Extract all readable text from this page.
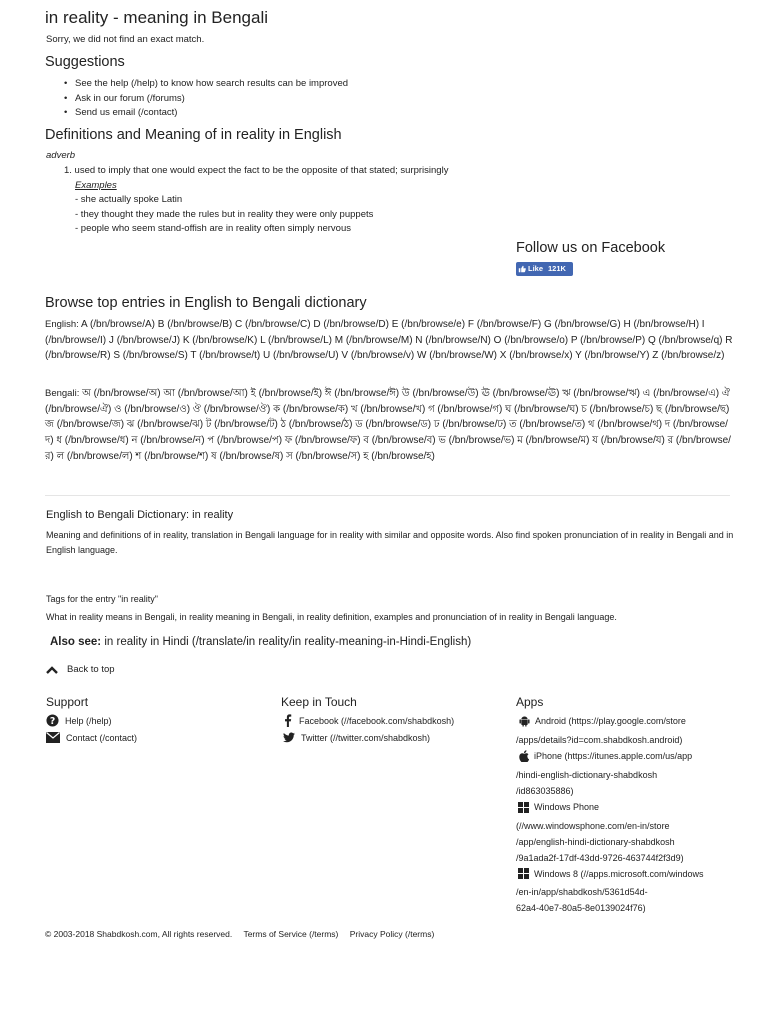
in reality - meaning in Bengali
Sorry, we did not find an exact match.
Suggestions
• See the help (/help) to know how search results can be improved
• Ask in our forum (/forums)
• Send us email (/contact)
Definitions and Meaning of in reality in English
adverb
1. used to imply that one would expect the fact to be the opposite of that stated; surprisingly
Examples
- she actually spoke Latin
- they thought they made the rules but in reality they were only puppets
- people who seem stand-offish are in reality often simply nervous
Follow us on Facebook
Like 121K
Browse top entries in English to Bengali dictionary
English: A (/bn/browse/A) B (/bn/browse/B) C (/bn/browse/C) D (/bn/browse/D) E (/bn/browse/e) F (/bn/browse/F) G (/bn/browse/G) H (/bn/browse/H) I (/bn/browse/I) J (/bn/browse/J) K (/bn/browse/K) L (/bn/browse/L) M (/bn/browse/M) N (/bn/browse/N) O (/bn/browse/o) P (/bn/browse/P) Q (/bn/browse/q) R (/bn/browse/R) S (/bn/browse/S) T (/bn/browse/t) U (/bn/browse/U) V (/bn/browse/v) W (/bn/browse/W) X (/bn/browse/x) Y (/bn/browse/Y) Z (/bn/browse/z)
Bengali: অ (/bn/browse/অ) আ (/bn/browse/আ) ই (/bn/browse/ই) ঈ (/bn/browse/ঈ) উ (/bn/browse/উ) ঊ (/bn/browse/ঊ) ঋ (/bn/browse/ঋ) এ (/bn/browse/এ) ঐ (/bn/browse/ঐ) ও (/bn/browse/ও) ঔ (/bn/browse/ঔ) ক (/bn/browse/ক) খ (/bn/browse/খ) গ (/bn/browse/গ) ঘ (/bn/browse/ঘ) চ (/bn/browse/চ) ছ (/bn/browse/ছ) জ (/bn/browse/জ) ঝ (/bn/browse/ঝ) ট (/bn/browse/ট) ঠ (/bn/browse/ঠ) ড (/bn/browse/ড) ঢ (/bn/browse/ঢ) ত (/bn/browse/ত) থ (/bn/browse/থ) দ (/bn/browse/দ) ধ (/bn/browse/ধ) ন (/bn/browse/ন) প (/bn/browse/প) ফ (/bn/browse/ফ) ব (/bn/browse/ব) ভ (/bn/browse/ভ) ম (/bn/browse/ম) য (/bn/browse/য) র (/bn/browse/র) ল (/bn/browse/ল) শ (/bn/browse/শ) ষ (/bn/browse/ষ) স (/bn/browse/স) হ (/bn/browse/হ)
English to Bengali Dictionary: in reality
Meaning and definitions of in reality, translation in Bengali language for in reality with similar and opposite words. Also find spoken pronunciation of in reality in Bengali and in English language.
Tags for the entry "in reality"
What in reality means in Bengali, in reality meaning in Bengali, in reality definition, examples and pronunciation of in reality in Bengali language.
Also see: in reality in Hindi (/translate/in reality/in reality-meaning-in-Hindi-English)
Back to top
Support
? Help (/help)
Contact (/contact)
Keep in Touch
Facebook (//facebook.com/shabdkosh)
Twitter (//twitter.com/shabdkosh)
Apps
Android (https://play.google.com/store
/apps/details?id=com.shabdkosh.android)
iPhone (https://itunes.apple.com/us/app
/hindi-english-dictionary-shabdkosh
/id863035886)
Windows Phone
(//www.windowsphone.com/en-in/store
/app/english-hindi-dictionary-shabdkosh
/9a1ada2f-17df-43dd-9726-463744f2f3d9)
Windows 8 (//apps.microsoft.com/windows
/en-in/app/shabdkosh/5361d54d-
62a4-40e7-80a5-8e0139024f76)
© 2003-2018 Shabdkosh.com, All rights reserved. Terms of Service (/terms) Privacy Policy (/terms)
